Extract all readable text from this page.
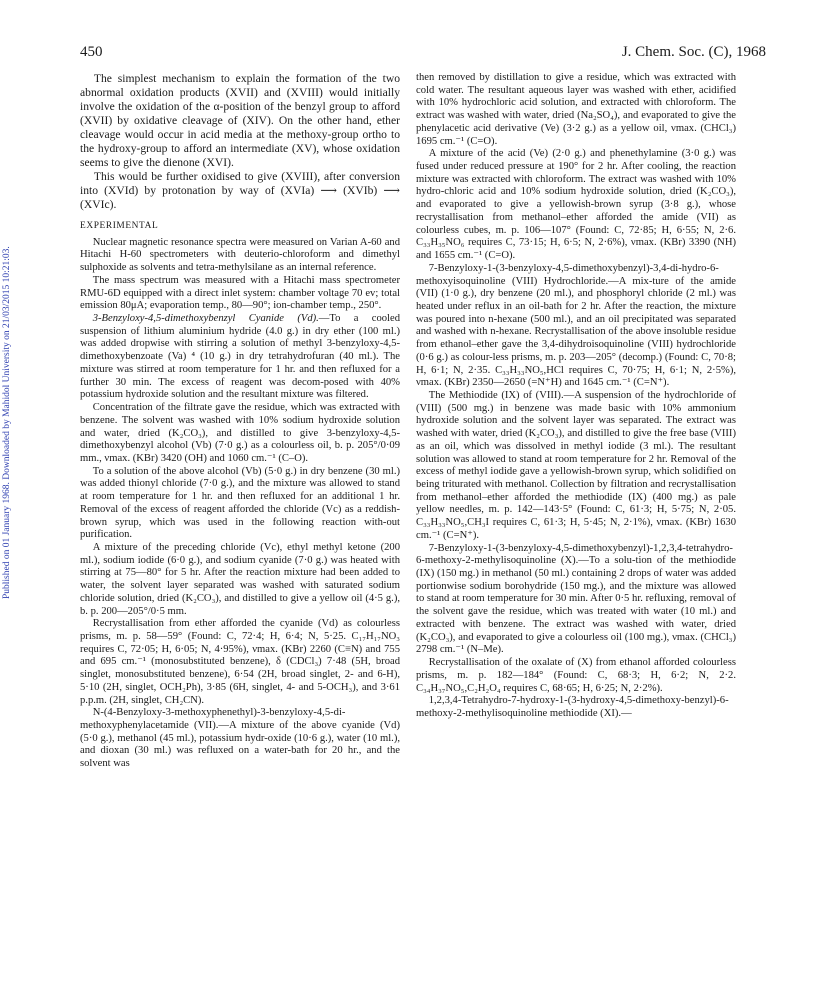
450	J. Chem. Soc. (C), 1968
Published on 01 January 1968. Downloaded by Mahidol University on 21/03/2015 10:21:03.

The simplest mechanism to explain the formation of the two abnormal oxidation products (XVII) and (XVIII) would initially involve the oxidation of the α-position of the benzyl group to afford (XVII) by oxidative cleavage of (XIV). On the other hand, ether cleavage would occur in acid media at the methoxy-group ortho to the hydroxy-group to afford an intermediate (XV), whose oxidation seems to give the dienone (XVI).

This would be further oxidised to give (XVIII), after conversion into (XVId) by protonation by way of (XVIa) ⟶ (XVIb) ⟶ (XVIc).

EXPERIMENTAL

Nuclear magnetic resonance spectra were measured on Varian A-60 and Hitachi H-60 spectrometers with deuterio-chloroform and dimethyl sulphoxide as solvents and tetra-methylsilane as an internal reference.

The mass spectrum was measured with a Hitachi mass spectrometer RMU-6D equipped with a direct inlet system: chamber voltage 70 ev; total emission 80μA; evaporation temp., 80—90°; ion-chamber temp., 250°.

3-Benzyloxy-4,5-dimethoxybenzyl Cyanide (Vd).—To a cooled suspension of lithium aluminium hydride (4.0 g.) in dry ether (100 ml.) was added dropwise with stirring a solution of methyl 3-benzyloxy-4,5-dimethoxybenzoate (Va) ⁴ (10 g.) in dry tetrahydrofuran (40 ml.). The mixture was stirred at room temperature for 1 hr. and then refluxed for a further 30 min. The excess of reagent was decom-posed with 40% potassium hydroxide solution and the resultant mixture was filtered.

Concentration of the filtrate gave the residue, which was extracted with benzene. The solvent was washed with 10% sodium hydroxide solution and water, dried (K₂CO₃), and distilled to give 3-benzyloxy-4,5-dimethoxybenzyl alcohol (Vb) (7·0 g.) as a colourless oil, b. p. 205°/0·09 mm., νmax. (KBr) 3420 (OH) and 1060 cm.⁻¹ (C–O).

To a solution of the above alcohol (Vb) (5·0 g.) in dry benzene (30 ml.) was added thionyl chloride (7·0 g.), and the mixture was allowed to stand at room temperature for 1 hr. and then refluxed for an additional 1 hr. Removal of the excess of reagent afforded the chloride (Vc) as a reddish-brown syrup, which was used in the following reaction with-out purification.

A mixture of the preceding chloride (Vc), ethyl methyl ketone (200 ml.), sodium iodide (6·0 g.), and sodium cyanide (7·0 g.) was heated with stirring at 75—80° for 5 hr. After the reaction mixture had been added to water, the solvent layer separated was washed with saturated sodium chloride solution, dried (K₂CO₃), and distilled to give a yellow oil (4·5 g.), b. p. 200—205°/0·5 mm.

Recrystallisation from ether afforded the cyanide (Vd) as colourless prisms, m. p. 58—59° (Found: C, 72·4; H, 6·4; N, 5·25. C₁₇H₁₇NO₃ requires C, 72·05; H, 6·05; N, 4·95%), νmax. (KBr) 2260 (C≡N) and 755 and 695 cm.⁻¹ (monosubstituted benzene), δ (CDCl₃) 7·48 (5H, broad singlet, monosubstituted benzene), 6·54 (2H, broad singlet, 2- and 6-H), 5·10 (2H, singlet, OCH₂Ph), 3·85 (6H, singlet, 4- and 5-OCH₃), and 3·61 p.p.m. (2H, singlet, CH₂CN).

N-(4-Benzyloxy-3-methoxyphenethyl)-3-benzyloxy-4,5-di-methoxyphenylacetamide (VII).—A mixture of the above cyanide (Vd) (5·0 g.), methanol (45 ml.), potassium hydr-oxide (10·6 g.), water (10 ml.), and dioxan (30 ml.) was refluxed on a water-bath for 20 hr., and the solvent was

then removed by distillation to give a residue, which was extracted with cold water. The resultant aqueous layer was washed with ether, acidified with 10% hydrochloric acid solution, and extracted with chloroform. The extract was washed with water, dried (Na₂SO₄), and evaporated to give the phenylacetic acid derivative (Ve) (3·2 g.) as a yellow oil, νmax. (CHCl₃) 1695 cm.⁻¹ (C=O).

A mixture of the acid (Ve) (2·0 g.) and phenethylamine (3·0 g.) was fused under reduced pressure at 190° for 2 hr. After cooling, the reaction mixture was extracted with chloroform. The extract was washed with 10% hydro-chloric acid and 10% sodium hydroxide solution, dried (K₂CO₃), and evaporated to give a yellowish-brown syrup (3·8 g.), whose recrystallisation from methanol–ether afforded the amide (VII) as colourless cubes, m. p. 106—107° (Found: C, 72·85; H, 6·55; N, 2·6. C₃₃H₃₅NO₆ requires C, 73·15; H, 6·5; N, 2·6%), νmax. (KBr) 3390 (NH) and 1655 cm.⁻¹ (C=O).

7-Benzyloxy-1-(3-benzyloxy-4,5-dimethoxybenzyl)-3,4-di-hydro-6-methoxyisoquinoline (VIII) Hydrochloride.—A mix-ture of the amide (VII) (1·0 g.), dry benzene (20 ml.), and phosphoryl chloride (2 ml.) was heated under reflux in an oil-bath for 2 hr. After the reaction, the mixture was poured into n-hexane (500 ml.), and an oil precipitated was separated and washed with n-hexane. Recrystallisation of the above insoluble residue from ethanol–ether gave the 3,4-dihydroisoquinoline (VIII) hydrochloride (0·6 g.) as colour-less prisms, m. p. 203—205° (decomp.) (Found: C, 70·8; H, 6·1; N, 2·35. C₃₃H₃₃NO₅,HCl requires C, 70·75; H, 6·1; N, 2·5%), νmax. (KBr) 2350—2650 (=N⁺H) and 1645 cm.⁻¹ (C=N⁺).

The Methiodide (IX) of (VIII).—A suspension of the hydrochloride of (VIII) (500 mg.) in benzene was made basic with 10% ammonium hydroxide solution and the solvent layer was separated. The extract was washed with water, dried (K₂CO₃), and distilled to give the free base (VIII) as an oil, which was dissolved in methyl iodide (3 ml.). The resultant solution was allowed to stand at room temperature for 2 hr. Removal of the excess of methyl iodide gave a yellowish-brown syrup, which solidified on being triturated with methanol. Collection by filtration and recrystallisation from methanol–ether afforded the methiodide (IX) (400 mg.) as pale yellow needles, m. p. 142—143·5° (Found: C, 61·3; H, 5·75; N, 2·05. C₃₃H₃₃NO₅,CH₃I requires C, 61·3; H, 5·45; N, 2·1%), νmax. (KBr) 1630 cm.⁻¹ (C=N⁺).

7-Benzyloxy-1-(3-benzyloxy-4,5-dimethoxybenzyl)-1,2,3,4-tetrahydro-6-methoxy-2-methylisoquinoline (X).—To a solu-tion of the methiodide (IX) (150 mg.) in methanol (50 ml.) containing 2 drops of water was added portionwise sodium borohydride (150 mg.), and the mixture was allowed to stand at room temperature for 30 min. After 0·5 hr. refluxing, removal of the solvent gave the residue, which was treated with water (10 ml.) and extracted with benzene. The extract was washed with water, dried (K₂CO₃), and evaporated to give a colourless oil (100 mg.), νmax. (CHCl₃) 2798 cm.⁻¹ (N–Me).

Recrystallisation of the oxalate of (X) from ethanol afforded colourless prisms, m. p. 182—184° (Found: C, 68·3; H, 6·2; N, 2·2. C₃₄H₃₇NO₅,C₂H₂O₄ requires C, 68·65; H, 6·25; N, 2·2%).

1,2,3,4-Tetrahydro-7-hydroxy-1-(3-hydroxy-4,5-dimethoxy-benzyl)-6-methoxy-2-methylisoquinoline methiodide (XI).—
